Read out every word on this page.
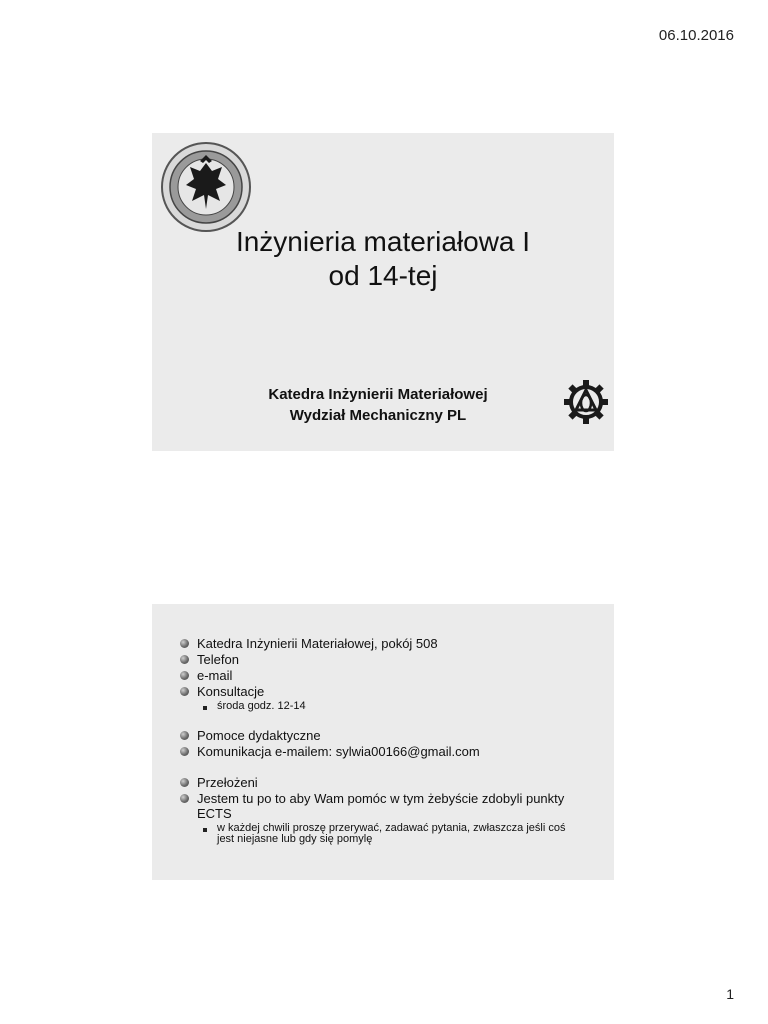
06.10.2016
Inżynieria materiałowa I
od 14-tej
Katedra Inżynierii Materiałowej
Wydział Mechaniczny PL
Katedra Inżynierii Materiałowej, pokój 508
Telefon
e-mail
Konsultacje
środa godz. 12-14
Pomoce dydaktyczne
Komunikacja e-mailem: sylwia00166@gmail.com
Przełożeni
Jestem tu po to aby Wam pomóc w tym żebyście zdobyli punkty ECTS
w każdej chwili proszę przerywać, zadawać pytania, zwłaszcza jeśli coś jest niejasne lub gdy się pomylę
1
